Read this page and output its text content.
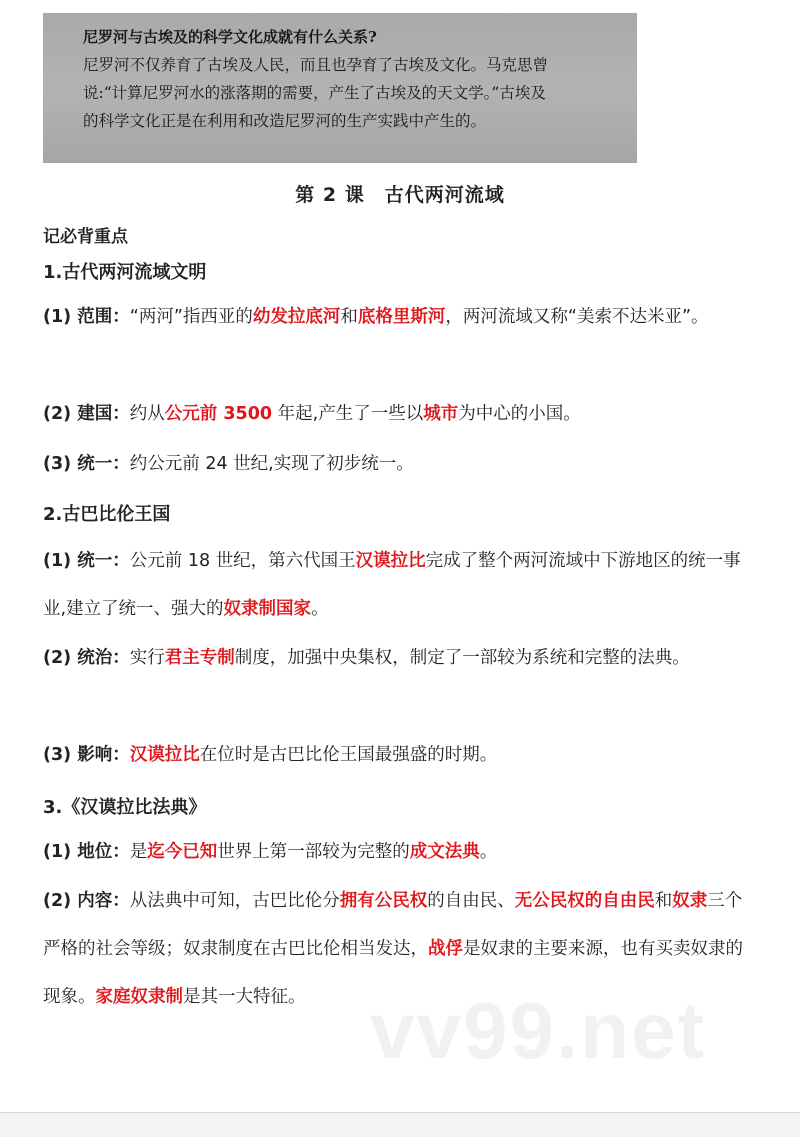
尼罗河与古埃及的科学文化成就有什么关系?
尼罗河不仅养育了古埃及人民，而且也孕育了古埃及文化。马克思曾
说:“计算尼罗河水的涨落期的需要，产生了古埃及的天文学。”古埃及
的科学文化正是在利用和改造尼罗河的生产实践中产生的。
第 2 课　古代两河流域
记必背重点
1.古代两河流域文明
(1) 范围：“两河”指西亚的幼发拉底河和底格里斯河，两河流域又称“美索不达米亚”。
(2) 建国：约从公元前 3500 年起,产生了一些以城市为中心的小国。
(3) 统一：约公元前 24 世纪,实现了初步统一。
2.古巴比伦王国
(1) 统一：公元前 18 世纪，第六代国王汉谟拉比完成了整个两河流域中下游地区的统一事业,建立了统一、强大的奴隶制国家。
(2) 统治：实行君主专制制度，加强中央集权，制定了一部较为系统和完整的法典。
(3) 影响：汉谟拉比在位时是古巴比伦王国最强盛的时期。
3.《汉谟拉比法典》
(1) 地位：是迄今已知世界上第一部较为完整的成文法典。
(2) 内容：从法典中可知，古巴比伦分拥有公民权的自由民、无公民权的自由民和奴隶三个严格的社会等级；奴隶制度在古巴比伦相当发达，战俘是奴隶的主要来源，也有买卖奴隶的现象。家庭奴隶制是其一大特征。 vv99.net
